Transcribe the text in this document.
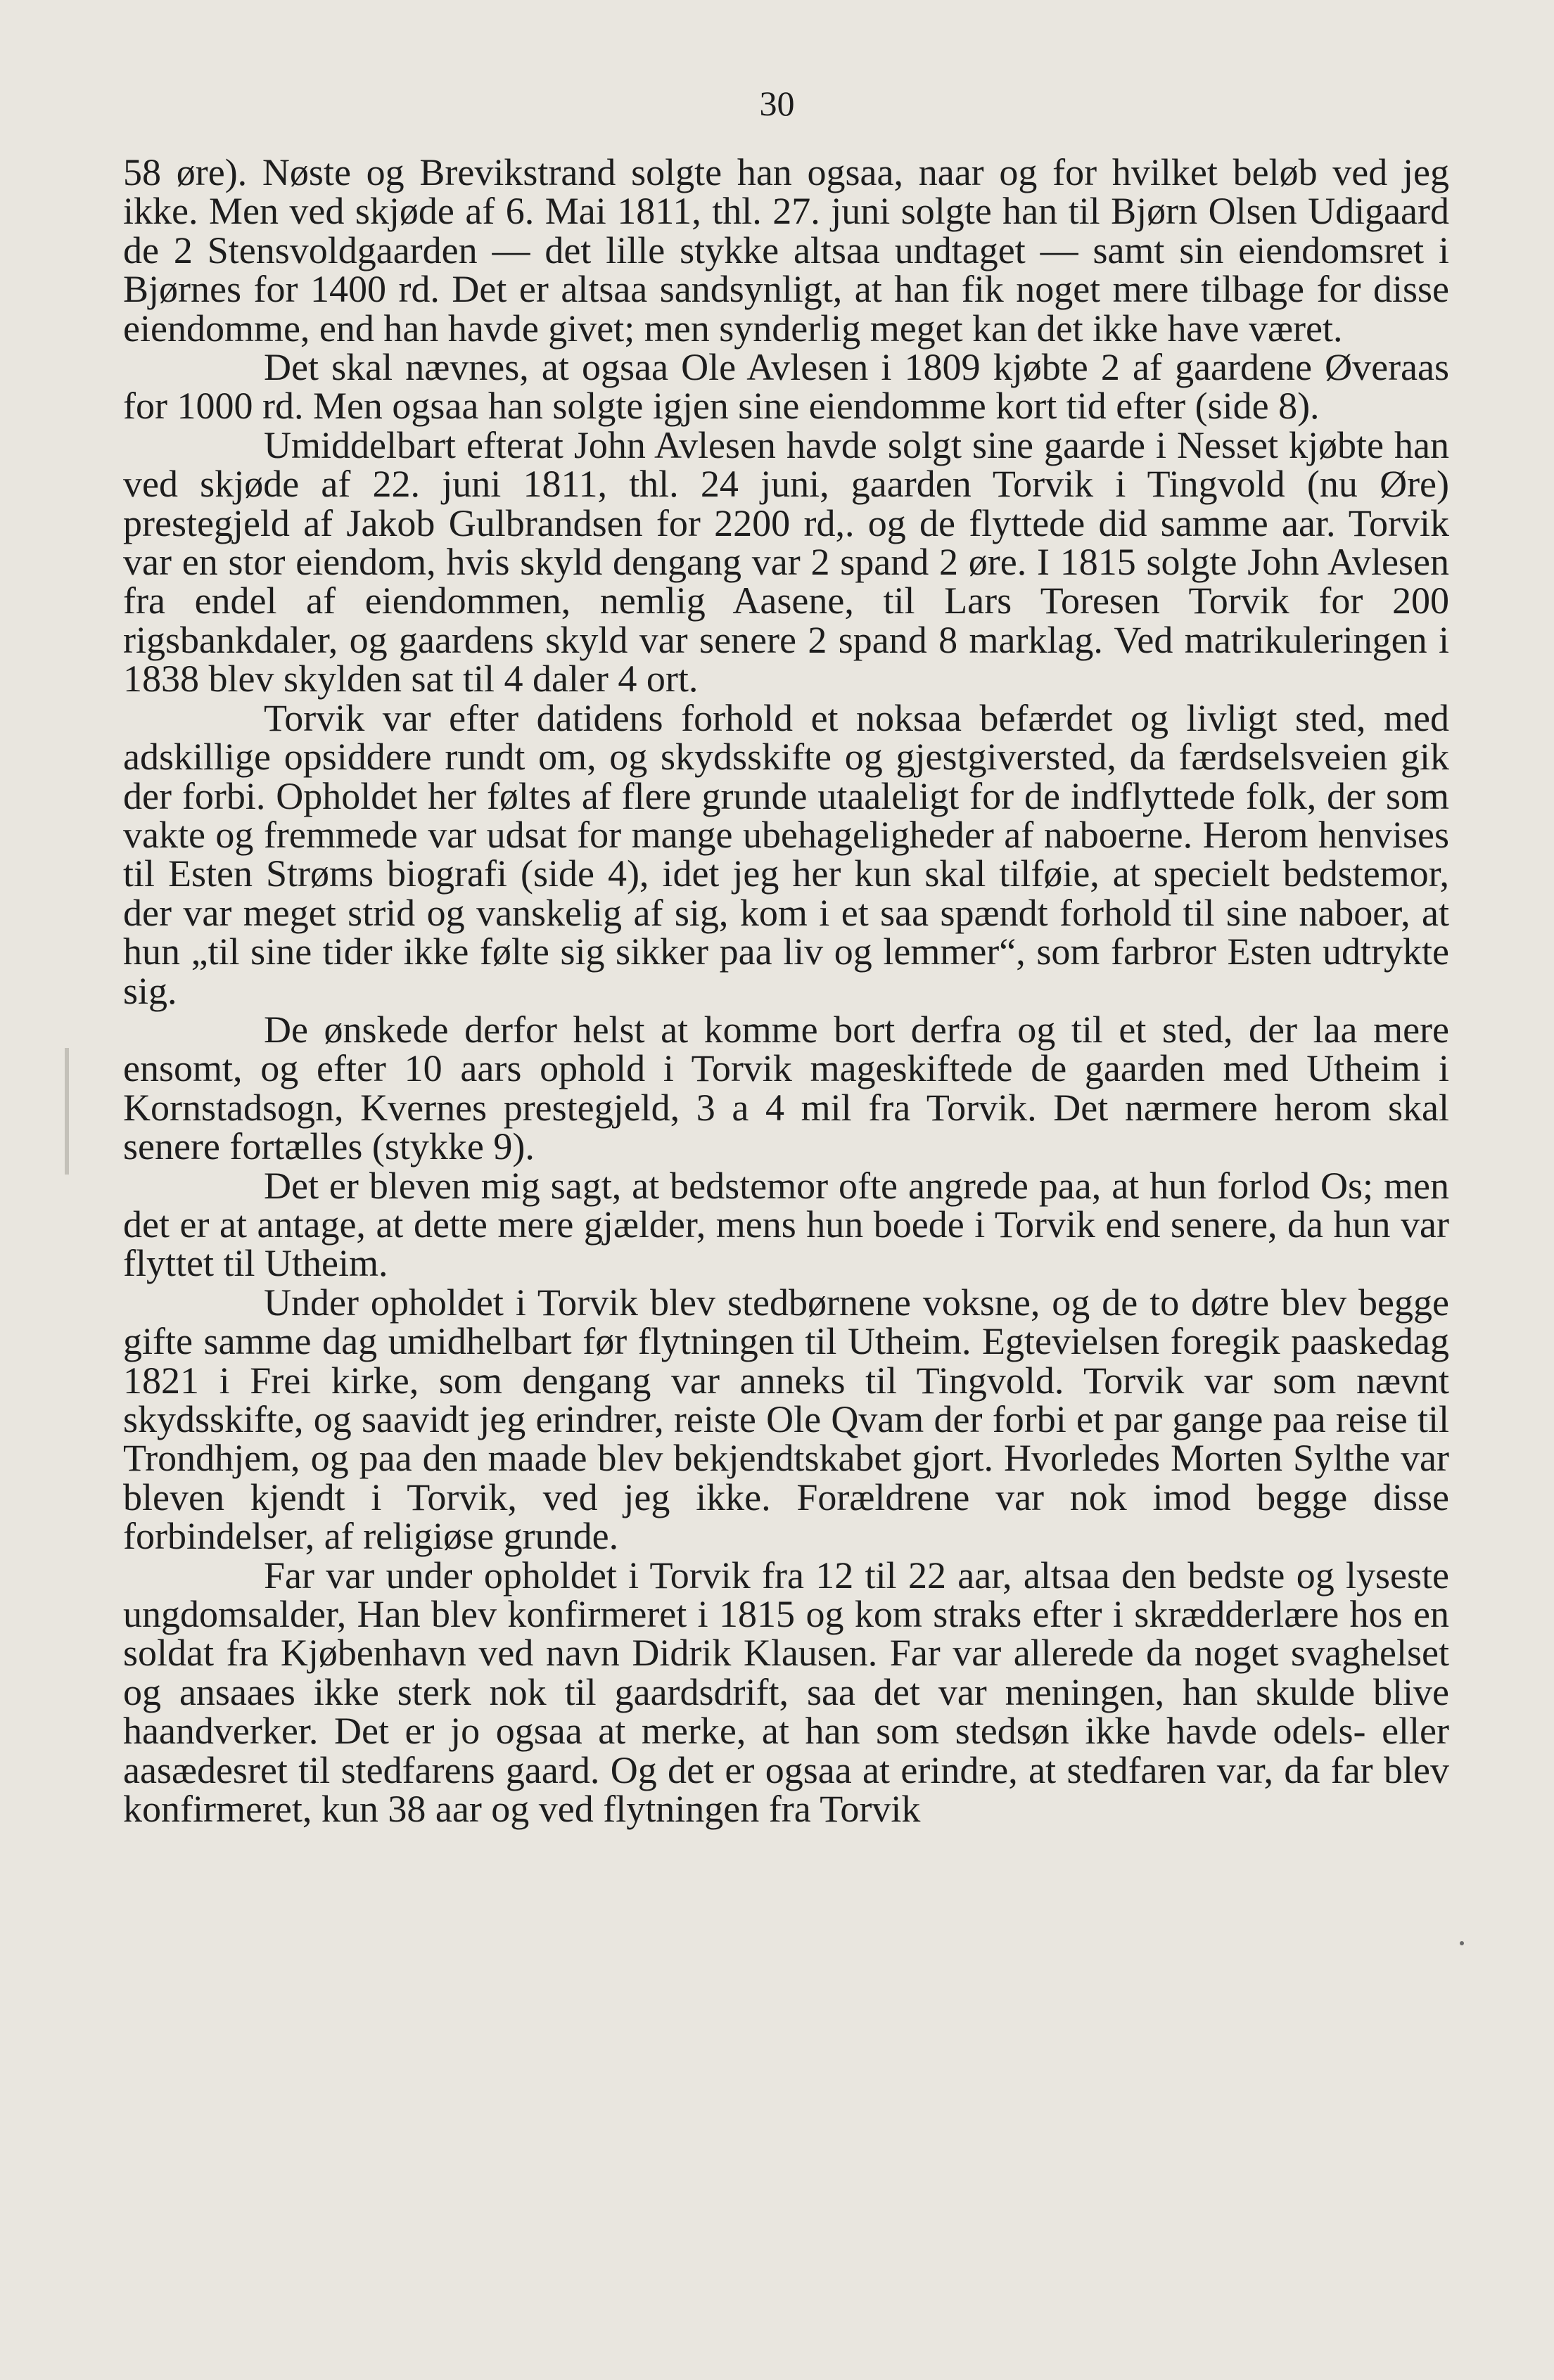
30

58 øre). Nøste og Brevikstrand solgte han ogsaa, naar og for hvilket beløb ved jeg ikke. Men ved skjøde af 6. Mai 1811, thl. 27. juni solgte han til Bjørn Olsen Udigaard de 2 Stensvoldgaarden — det lille stykke altsaa undtaget — samt sin eiendomsret i Bjørnes for 1400 rd. Det er altsaa sandsynligt, at han fik noget mere tilbage for disse eiendomme, end han havde givet; men synderlig meget kan det ikke have været.

Det skal nævnes, at ogsaa Ole Avlesen i 1809 kjøbte 2 af gaardene Øveraas for 1000 rd. Men ogsaa han solgte igjen sine eiendomme kort tid efter (side 8).

Umiddelbart efterat John Avlesen havde solgt sine gaarde i Nesset kjøbte han ved skjøde af 22. juni 1811, thl. 24 juni, gaarden Torvik i Tingvold (nu Øre) prestegjeld af Jakob Gulbrandsen for 2200 rd,. og de flyttede did samme aar. Torvik var en stor eiendom, hvis skyld dengang var 2 spand 2 øre. I 1815 solgte John Avlesen fra endel af eiendommen, nemlig Aasene, til Lars Toresen Torvik for 200 rigsbankdaler, og gaardens skyld var senere 2 spand 8 marklag. Ved matrikuleringen i 1838 blev skylden sat til 4 daler 4 ort.

Torvik var efter datidens forhold et noksaa befærdet og livligt sted, med adskillige opsiddere rundt om, og skydsskifte og gjestgiversted, da færdselsveien gik der forbi. Opholdet her føltes af flere grunde utaaleligt for de indflyttede folk, der som vakte og fremmede var udsat for mange ubehageligheder af naboerne. Herom henvises til Esten Strøms biografi (side 4), idet jeg her kun skal tilføie, at specielt bedstemor, der var meget strid og vanskelig af sig, kom i et saa spændt forhold til sine naboer, at hun „til sine tider ikke følte sig sikker paa liv og lemmer“, som farbror Esten udtrykte sig.

De ønskede derfor helst at komme bort derfra og til et sted, der laa mere ensomt, og efter 10 aars ophold i Torvik mageskiftede de gaarden med Utheim i Kornstadsogn, Kvernes prestegjeld, 3 a 4 mil fra Torvik. Det nærmere herom skal senere fortælles (stykke 9).

Det er bleven mig sagt, at bedstemor ofte angrede paa, at hun forlod Os; men det er at antage, at dette mere gjælder, mens hun boede i Torvik end senere, da hun var flyttet til Utheim.

Under opholdet i Torvik blev stedbørnene voksne, og de to døtre blev begge gifte samme dag umidhelbart før flytningen til Utheim. Egtevielsen foregik paaskedag 1821 i Frei kirke, som dengang var anneks til Tingvold. Torvik var som nævnt skydsskifte, og saavidt jeg erindrer, reiste Ole Qvam der forbi et par gange paa reise til Trondhjem, og paa den maade blev bekjendtskabet gjort. Hvorledes Morten Sylthe var bleven kjendt i Torvik, ved jeg ikke. Forældrene var nok imod begge disse forbindelser, af religiøse grunde.

Far var under opholdet i Torvik fra 12 til 22 aar, altsaa den bedste og lyseste ungdomsalder, Han blev konfirmeret i 1815 og kom straks efter i skrædderlære hos en soldat fra Kjøbenhavn ved navn Didrik Klausen. Far var allerede da noget svaghelset og ansaaes ikke sterk nok til gaardsdrift, saa det var meningen, han skulde blive haandverker. Det er jo ogsaa at merke, at han som stedsøn ikke havde odels- eller aasædesret til stedfarens gaard. Og det er ogsaa at erindre, at stedfaren var, da far blev konfirmeret, kun 38 aar og ved flytningen fra Torvik
